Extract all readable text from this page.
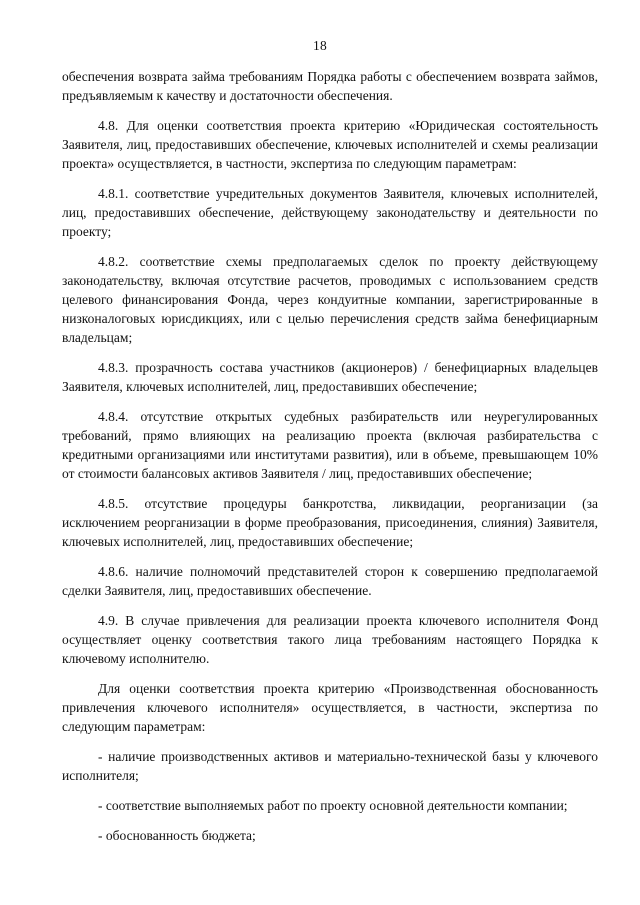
18

обеспечения возврата займа требованиям Порядка работы с обеспечением возврата займов, предъявляемым к качеству и достаточности обеспечения.

4.8. Для оценки соответствия проекта критерию «Юридическая состоятельность Заявителя, лиц, предоставивших обеспечение, ключевых исполнителей и схемы реализации проекта» осуществляется, в частности, экспертиза по следующим параметрам:

4.8.1. соответствие учредительных документов Заявителя, ключевых исполнителей, лиц, предоставивших обеспечение, действующему законодательству и деятельности по проекту;

4.8.2. соответствие схемы предполагаемых сделок по проекту действующему законодательству, включая отсутствие расчетов, проводимых с использованием средств целевого финансирования Фонда, через кондуитные компании, зарегистрированные в низконалоговых юрисдикциях, или с целью перечисления средств займа бенефициарным владельцам;

4.8.3. прозрачность состава участников (акционеров) / бенефициарных владельцев Заявителя, ключевых исполнителей, лиц, предоставивших обеспечение;

4.8.4. отсутствие открытых судебных разбирательств или неурегулированных требований, прямо влияющих на реализацию проекта (включая разбирательства с кредитными организациями или институтами развития), или в объеме, превышающем 10% от стоимости балансовых активов Заявителя / лиц, предоставивших обеспечение;

4.8.5. отсутствие процедуры банкротства, ликвидации, реорганизации (за исключением реорганизации в форме преобразования, присоединения, слияния) Заявителя, ключевых исполнителей, лиц, предоставивших обеспечение;

4.8.6. наличие полномочий представителей сторон к совершению предполагаемой сделки Заявителя, лиц, предоставивших обеспечение.

4.9. В случае привлечения для реализации проекта ключевого исполнителя Фонд осуществляет оценку соответствия такого лица требованиям настоящего Порядка к ключевому исполнителю.

Для оценки соответствия проекта критерию «Производственная обоснованность привлечения ключевого исполнителя» осуществляется, в частности, экспертиза по следующим параметрам:

- наличие производственных активов и материально-технической базы у ключевого исполнителя;

- соответствие выполняемых работ по проекту основной деятельности компании;

- обоснованность бюджета;
